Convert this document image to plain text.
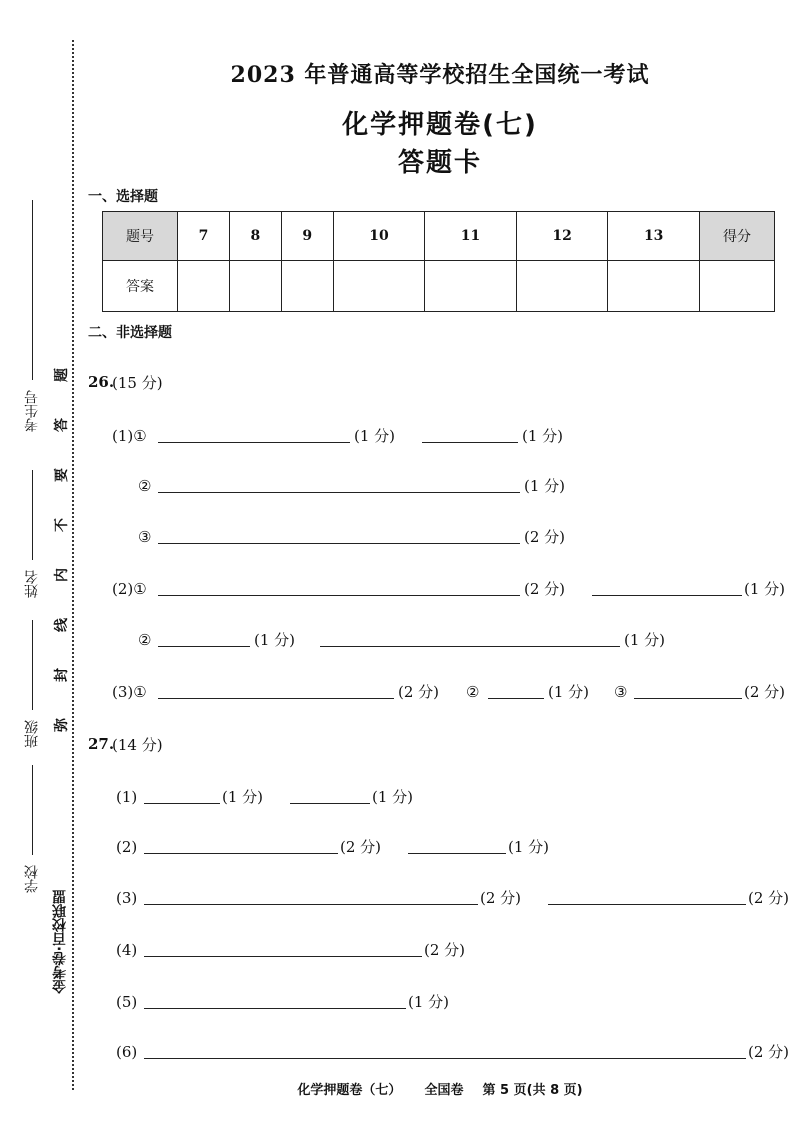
考生号
姓名
班级
学校
金考卷·百校联盟
题
答
要
不
内
线
封
弥
2023 年普通高等学校招生全国统一考试
化学押题卷(七)
答题卡
一、选择题
题号	7	8	9	10	11	12	13	得分
答案								
二、非选择题
26.
(15 分)
(1)①	(1 分)	(1 分)
②	(1 分)
③	(2 分)
(2)①	(2 分)	(1 分)
②	(1 分)	(1 分)
(3)①	(2 分) ②	(1 分) ③	(2 分)
27.
(14 分)
(1)	(1 分)	(1 分)
(2)	(2 分)	(1 分)
(3)	(2 分)	(2 分)
(4)	(2 分)
(5)	(1 分)
(6)	(2 分)
化学押题卷（七） 全国卷 第 5 页(共 8 页)
